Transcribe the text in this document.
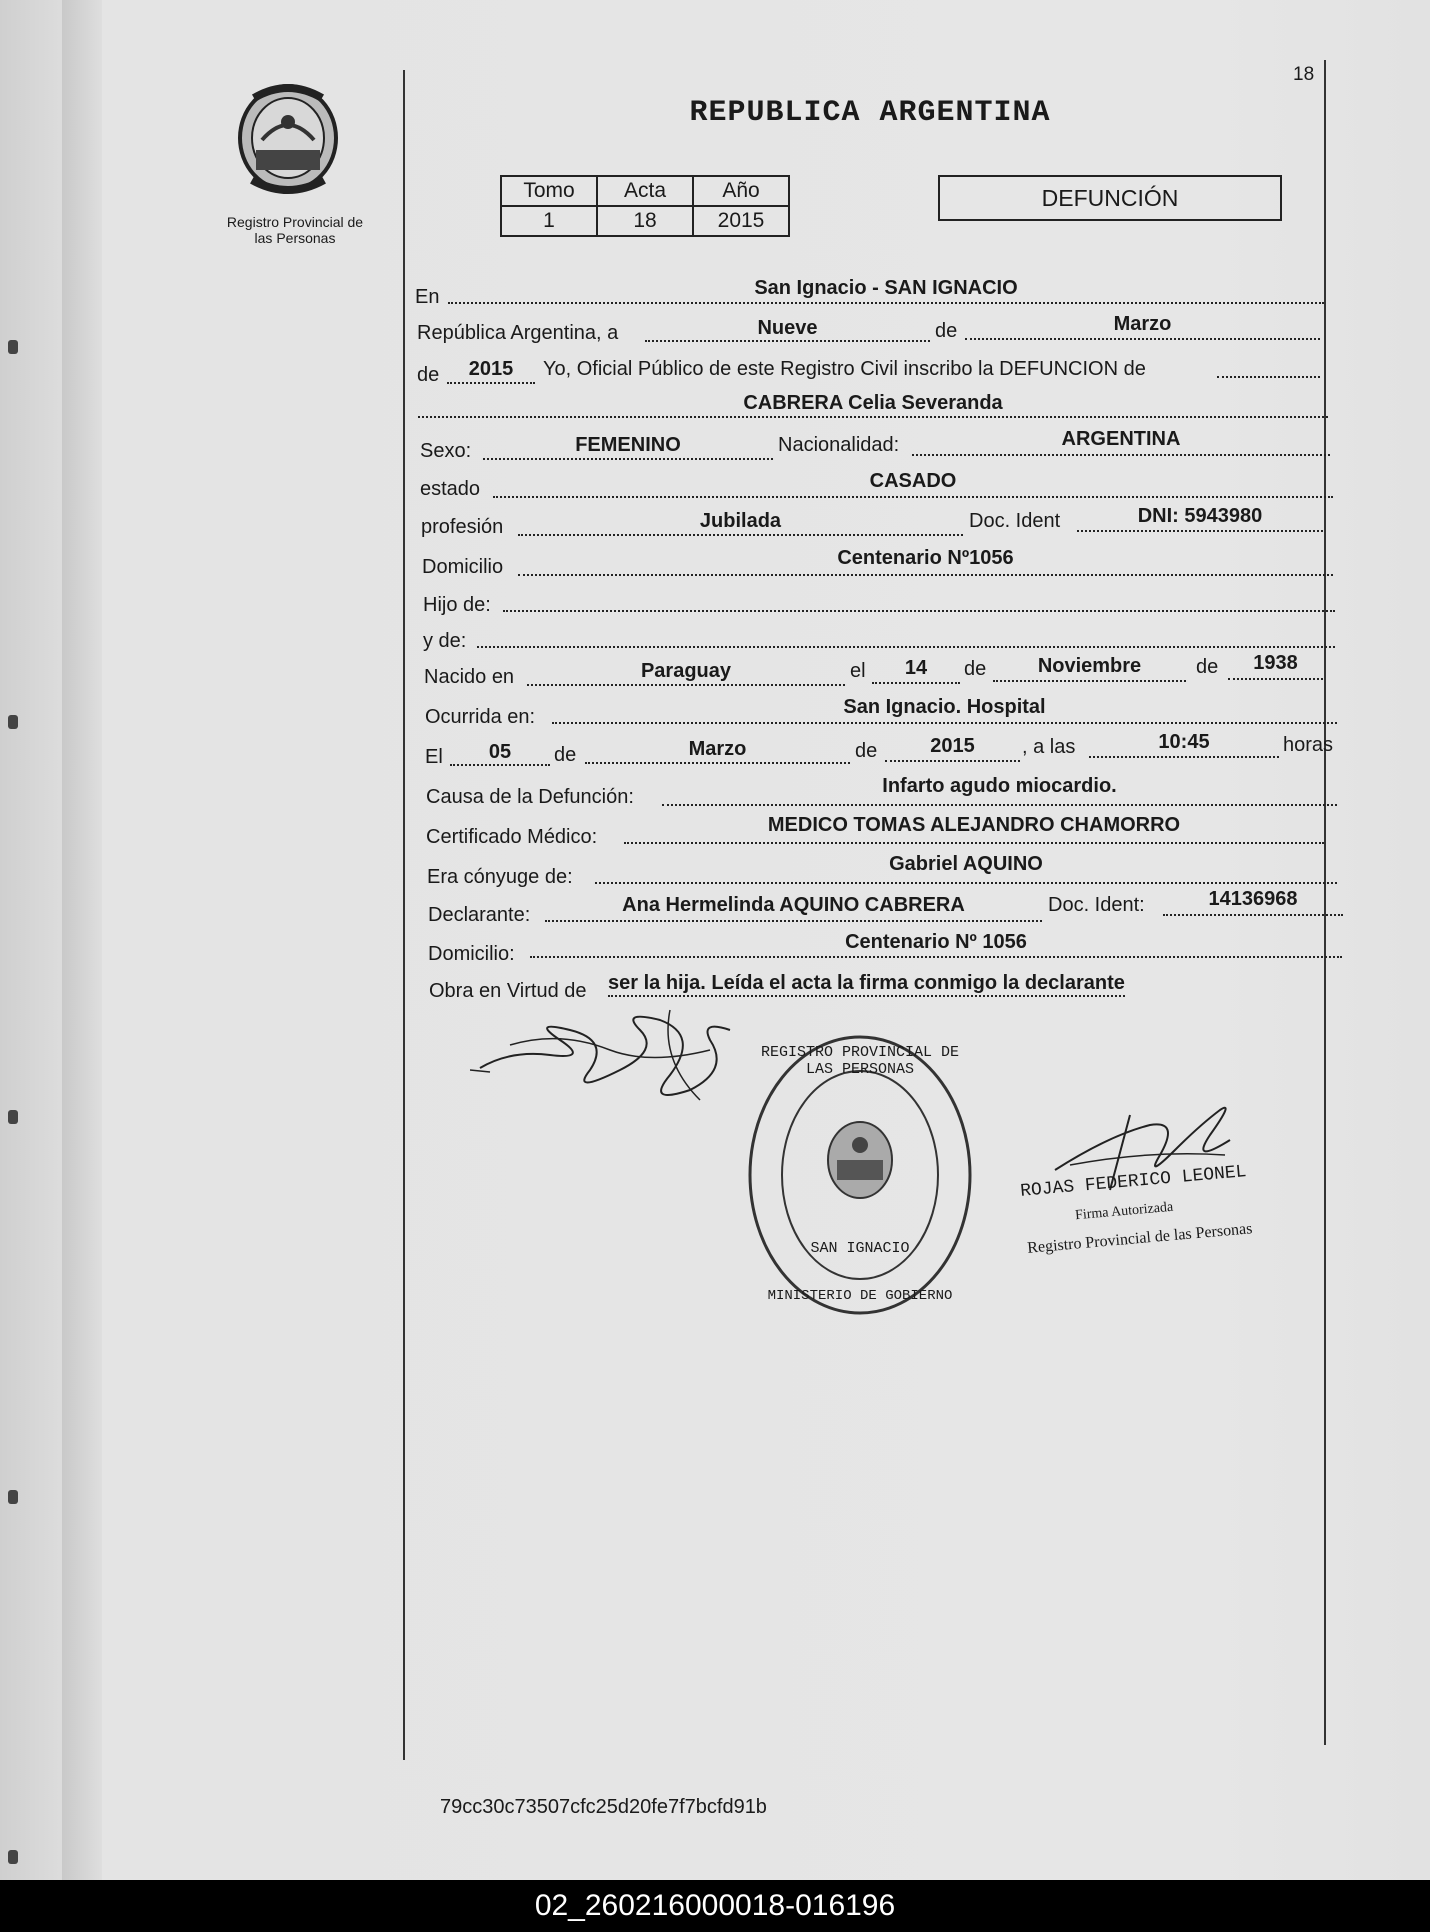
18
Registro Provincial de
las Personas
REPUBLICA ARGENTINA
Tomo	Acta	Año
1	18	2015
DEFUNCIÓN
En	San Ignacio - SAN IGNACIO
República Argentina, a	Nueve	de	Marzo
de	2015	Yo, Oficial Público de este Registro Civil inscribo la DEFUNCION de
CABRERA Celia Severanda
Sexo:	FEMENINO	Nacionalidad:	ARGENTINA
estado	CASADO
profesión	Jubilada	Doc. Ident	DNI: 5943980
Domicilio	Centenario Nº1056
Hijo de:
y de:
Nacido en	Paraguay	el	14	de	Noviembre	de	1938
Ocurrida en:	San Ignacio. Hospital
El	05	de	Marzo	de	2015	, a las	10:45	horas
Causa de la Defunción:	Infarto agudo miocardio.
Certificado Médico:
MEDICO TOMAS ALEJANDRO CHAMORRO
Era cónyuge de:
Gabriel AQUINO
Declarante:	Ana Hermelinda AQUINO CABRERA	Doc. Ident:	14136968
Domicilio:
Centenario Nº 1056
Obra en Virtud de ser la hija. Leída el acta la firma conmigo la declarante
REGISTRO PROVINCIAL DE LAS PERSONAS
SAN IGNACIO
MINISTERIO DE GOBIERNO
ROJAS FEDERICO LEONEL
Firma Autorizada
Registro Provincial de las Personas
79cc30c73507cfc25d20fe7f7bcfd91b
02_260216000018-016196
